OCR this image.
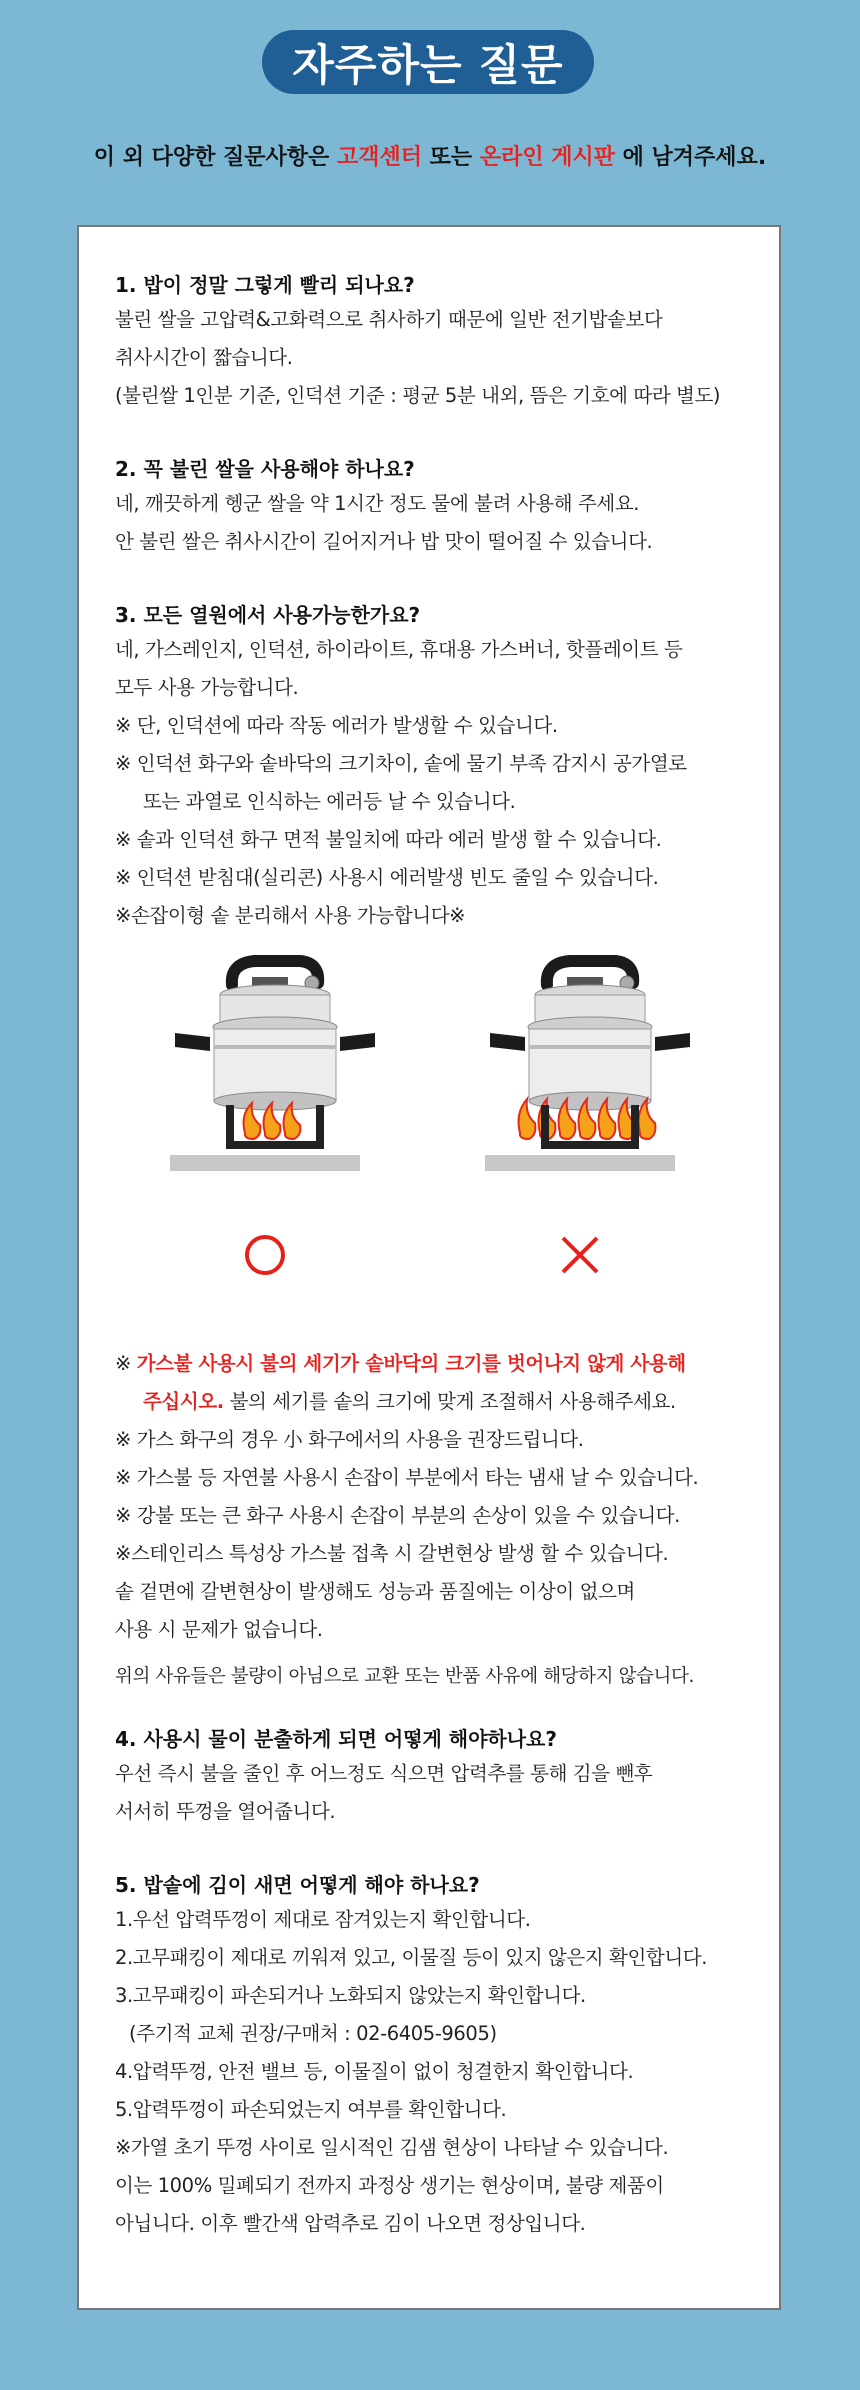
자주하는 질문
이 외 다양한 질문사항은 고객센터 또는 온라인 게시판 에 남겨주세요.

1. 밥이 정말 그렇게 빨리 되나요?

불린 쌀을 고압력&고화력으로 취사하기 때문에 일반 전기밥솥보다

취사시간이 짧습니다.

(불린쌀 1인분 기준, 인덕션 기준 : 평균 5분 내외, 뜸은 기호에 따라 별도)

2. 꼭 불린 쌀을 사용해야 하나요?

네, 깨끗하게 헹군 쌀을 약 1시간 정도 물에 불려 사용해 주세요.

안 불린 쌀은 취사시간이 길어지거나 밥 맛이 떨어질 수 있습니다.

3. 모든 열원에서 사용가능한가요?

네, 가스레인지, 인덕션, 하이라이트, 휴대용 가스버너, 핫플레이트 등

모두 사용 가능합니다.

※ 단, 인덕션에 따라 작동 에러가 발생할 수 있습니다.

※ 인덕션 화구와 솥바닥의 크기차이, 솥에 물기 부족 감지시 공가열로

또는 과열로 인식하는 에러등 날 수 있습니다.

※ 솥과 인덕션 화구 면적 불일치에 따라 에러 발생 할 수 있습니다.

※ 인덕션 받침대(실리콘) 사용시 에러발생 빈도 줄일 수 있습니다.

※손잡이형 솥 분리해서 사용 가능합니다※

※ 가스불 사용시 불의 세기가 솥바닥의 크기를 벗어나지 않게 사용해

주십시오. 불의 세기를 솥의 크기에 맞게 조절해서 사용해주세요.

※ 가스 화구의 경우 小 화구에서의 사용을 권장드립니다.

※ 가스불 등 자연불 사용시 손잡이 부분에서 타는 냄새 날 수 있습니다.

※ 강불 또는 큰 화구 사용시 손잡이 부분의 손상이 있을 수 있습니다.

※스테인리스 특성상 가스불 접촉 시 갈변현상 발생 할 수 있습니다.

솥 겉면에 갈변현상이 발생해도 성능과 품질에는 이상이 없으며

사용 시 문제가 없습니다.

위의 사유들은 불량이 아님으로 교환 또는 반품 사유에 해당하지 않습니다.

4. 사용시 물이 분출하게 되면 어떻게 해야하나요?

우선 즉시 불을 줄인 후 어느정도 식으면 압력추를 통해 김을 뺀후

서서히 뚜껑을 열어줍니다.

5. 밥솥에 김이 새면 어떻게 해야 하나요?

1.우선 압력뚜껑이 제대로 잠겨있는지 확인합니다.

2.고무패킹이 제대로 끼워져 있고, 이물질 등이 있지 않은지 확인합니다.

3.고무패킹이 파손되거나 노화되지 않았는지 확인합니다.

(주기적 교체 권장/구매처 : 02-6405-9605)

4.압력뚜껑, 안전 밸브 등, 이물질이 없이 청결한지 확인합니다.

5.압력뚜껑이 파손되었는지 여부를 확인합니다.

※가열 초기 뚜껑 사이로 일시적인 김샘 현상이 나타날 수 있습니다.

이는 100% 밀폐되기 전까지 과정상 생기는 현상이며, 불량 제품이

아닙니다. 이후 빨간색 압력추로 김이 나오면 정상입니다.
